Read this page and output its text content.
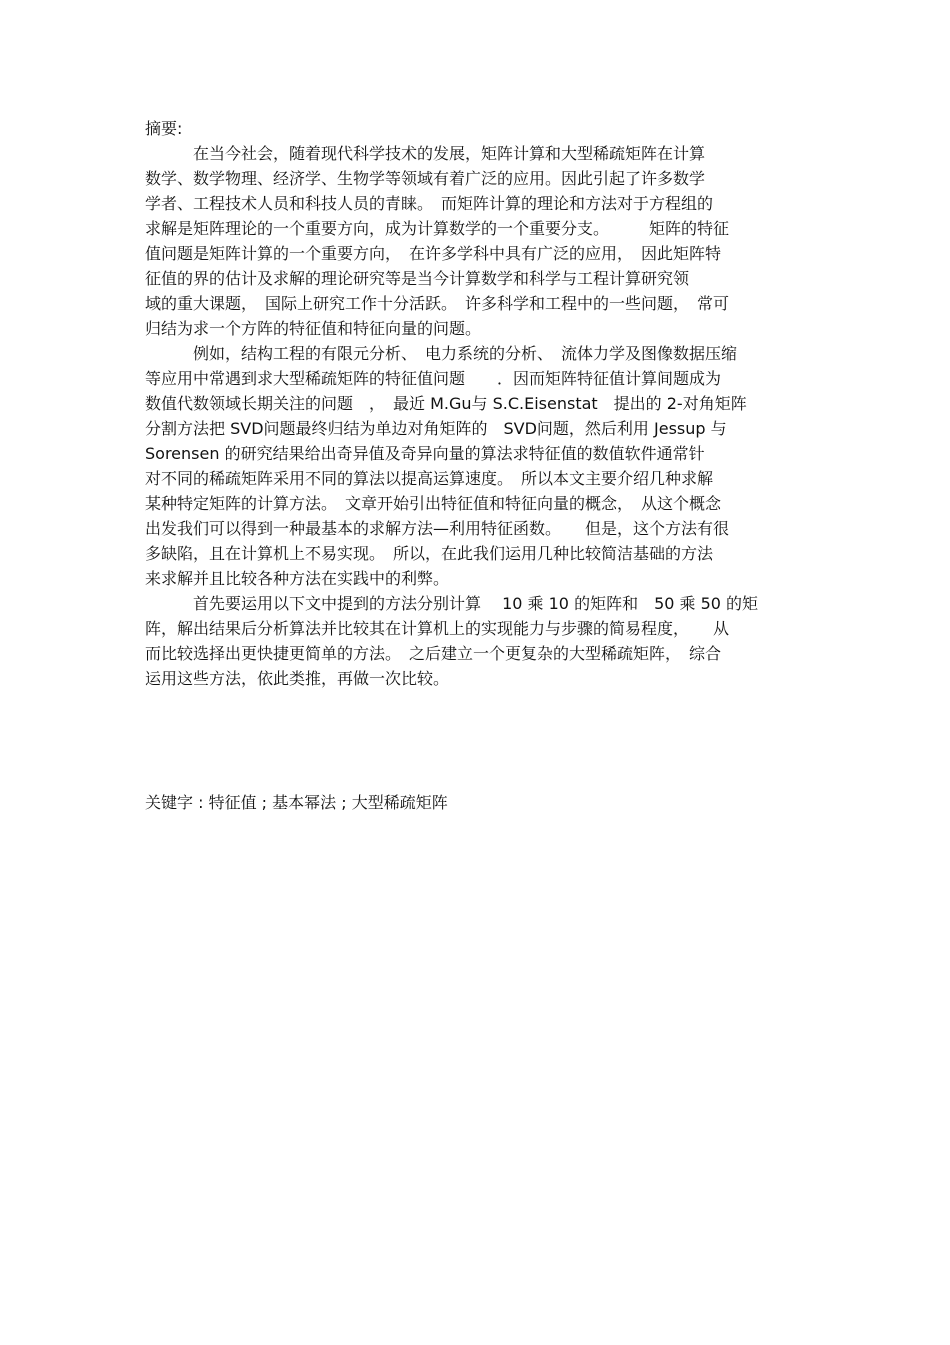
摘要:
　　　在当今社会，随着现代科学技术的发展，矩阵计算和大型稀疏矩阵在计算
数学、数学物理、经济学、生物学等领域有着广泛的应用。因此引起了许多数学
学者、工程技术人员和科技人员的青睐。　而矩阵计算的理论和方法对于方程组的
求解是矩阵理论的一个重要方向，成为计算数学的一个重要分支。　　　矩阵的特征
值问题是矩阵计算的一个重要方向，　在许多学科中具有广泛的应用，　因此矩阵特
征值的界的估计及求解的理论研究等是当今计算数学和科学与工程计算研究领
域的重大课题，　国际上研究工作十分活跃。　许多科学和工程中的一些问题，　常可
归结为求一个方阵的特征值和特征向量的问题。
　　　例如，结构工程的有限元分析、　电力系统的分析、　流体力学及图像数据压缩
等应用中常遇到求大型稀疏矩阵的特征值问题　　．因而矩阵特征值计算间题成为
数值代数领域长期关注的问题　，　最近 M.Gu与 S.C.Eisenstat　提出的 2-对角矩阵
分割方法把 SVD问题最终归结为单边对角矩阵的　SVD问题，然后利用 Jessup 与
Sorensen 的研究结果给出奇异值及奇异向量的算法求特征值的数值软件通常针
对不同的稀疏矩阵采用不同的算法以提高运算速度。　所以本文主要介绍几种求解
某种特定矩阵的计算方法。　文章开始引出特征值和特征向量的概念，　从这个概念
出发我们可以得到一种最基本的求解方法—利用特征函数。　　但是，这个方法有很
多缺陷，且在计算机上不易实现。　所以，在此我们运用几种比较简洁基础的方法
来求解并且比较各种方法在实践中的利弊。
　　　首先要运用以下文中提到的方法分别计算　 10 乘 10 的矩阵和　50 乘 50 的矩
阵，解出结果后分析算法并比较其在计算机上的实现能力与步骤的简易程度，　　从
而比较选择出更快捷更简单的方法。　之后建立一个更复杂的大型稀疏矩阵，　综合
运用这些方法，依此类推，再做一次比较。
关键字 : 特征值 ; 基本幂法 ; 大型稀疏矩阵
